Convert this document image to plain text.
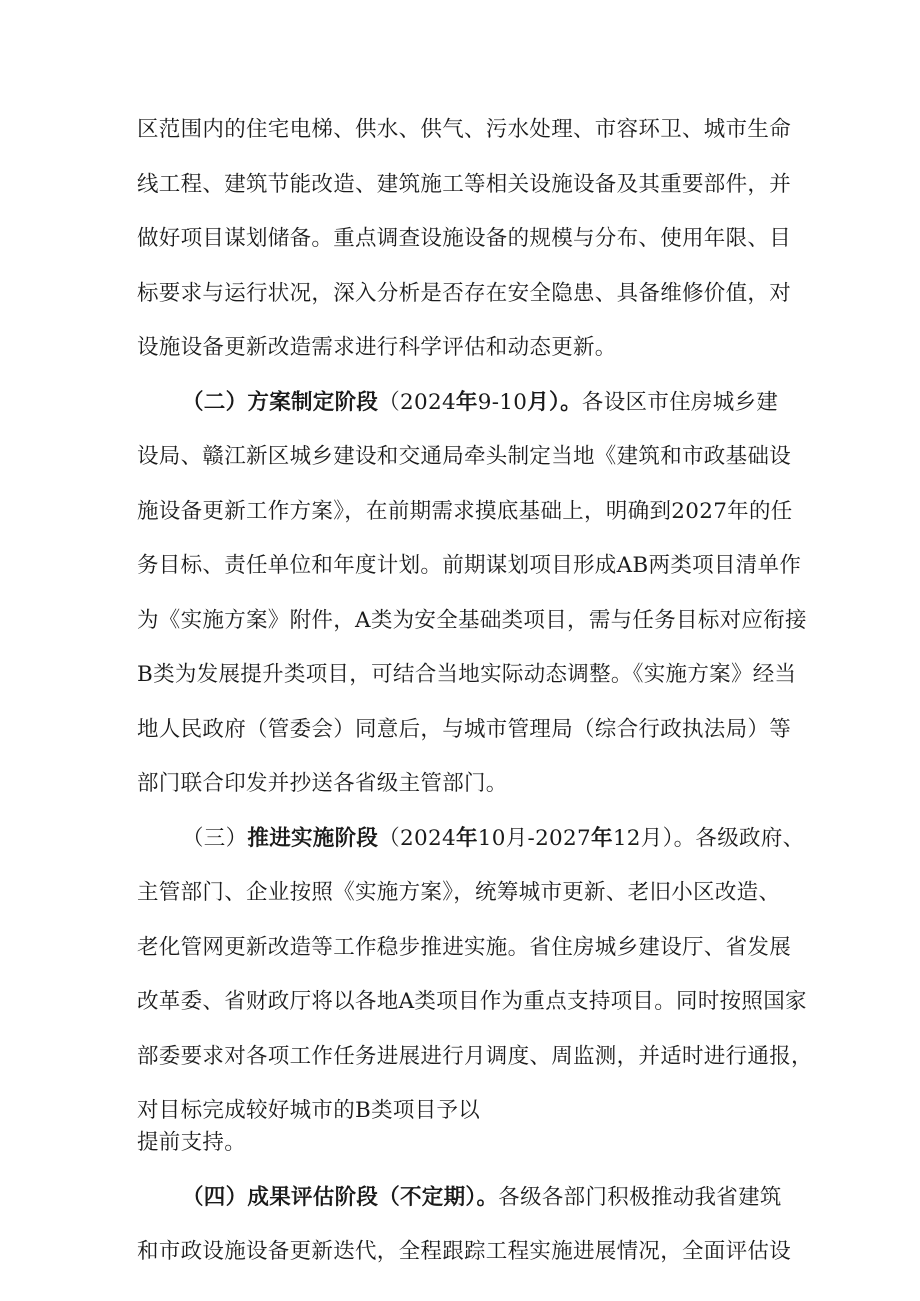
区范围内的住宅电梯、供水、供气、污水处理、市容环卫、城市生命
线工程、建筑节能改造、建筑施工等相关设施设备及其重要部件，并
做好项目谋划储备。重点调查设施设备的规模与分布、使用年限、目
标要求与运行状况，深入分析是否存在安全隐患、具备维修价值，对
设施设备更新改造需求进行科学评估和动态更新。
（二）方案制定阶段（2024年9-10月）。各设区市住房城乡建
设局、赣江新区城乡建设和交通局牵头制定当地《建筑和市政基础设
施设备更新工作方案》，在前期需求摸底基础上，明确到2027年的任
务目标、责任单位和年度计划。前期谋划项目形成AB两类项目清单作
为《实施方案》附件，A类为安全基础类项目，需与任务目标对应衔接
B类为发展提升类项目，可结合当地实际动态调整。《实施方案》经当
地人民政府（管委会）同意后，与城市管理局（综合行政执法局）等
部门联合印发并抄送各省级主管部门。
（三）推进实施阶段（2024年10月-2027年12月）。各级政府、
主管部门、企业按照《实施方案》，统筹城市更新、老旧小区改造、
老化管网更新改造等工作稳步推进实施。省住房城乡建设厅、省发展
改革委、省财政厅将以各地A类项目作为重点支持项目。同时按照国家
部委要求对各项工作任务进展进行月调度、周监测，并适时进行通报，
对目标完成较好城市的B类项目予以
提前支持。
（四）成果评估阶段（不定期）。各级各部门积极推动我省建筑
和市政设施设备更新迭代，全程跟踪工程实施进展情况，全面评估设
